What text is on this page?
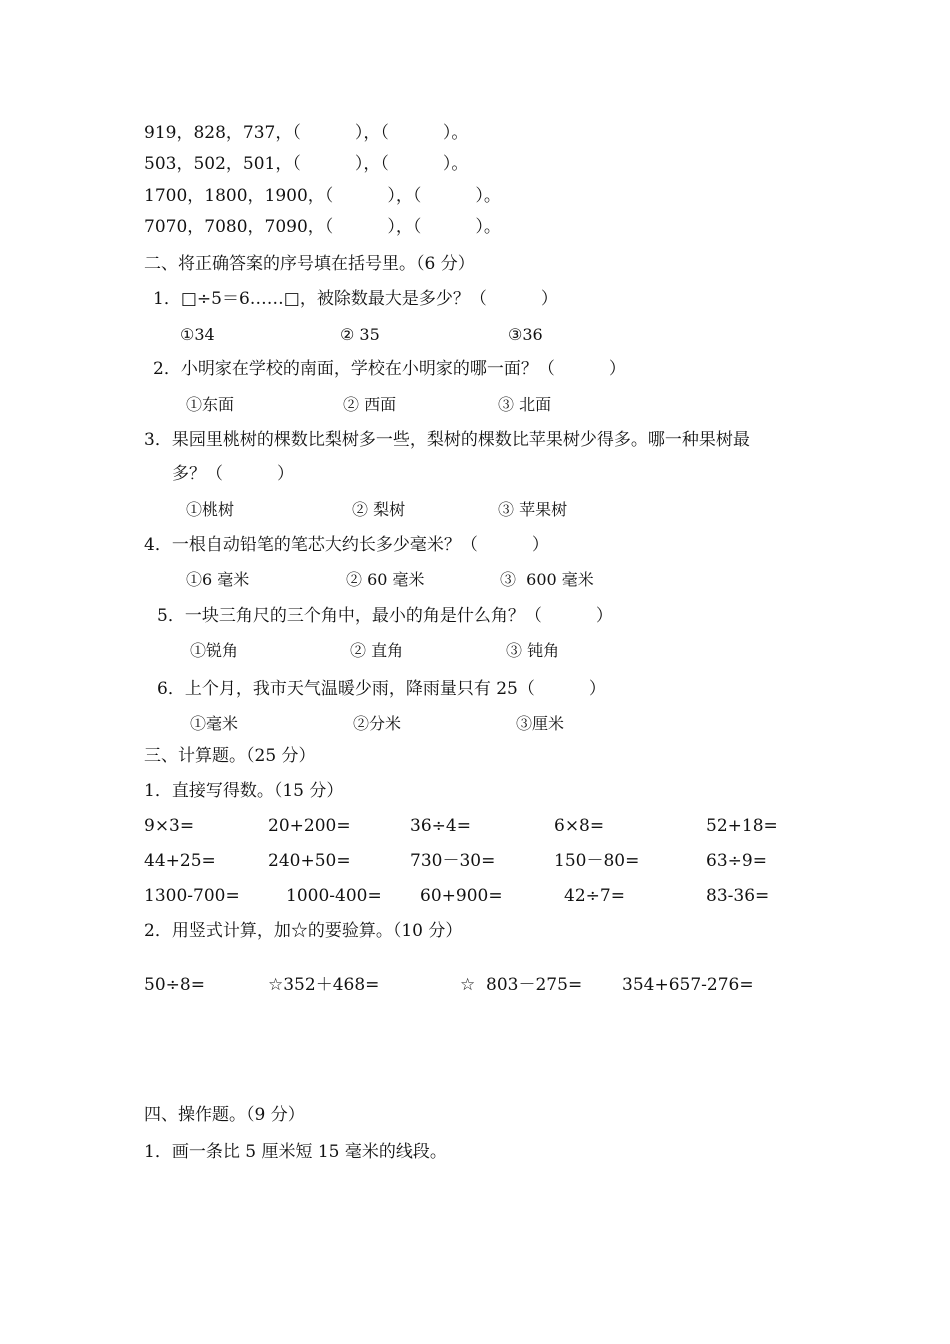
919，828，737，（          ），（          ）。
503，502，501，（          ），（          ）。
1700，1800，1900，（          ），（          ）。
7070，7080，7090，（          ），（          ）。
二、将正确答案的序号填在括号里。（6 分）
1．□÷5＝6……□，被除数最大是多少？（          ）
①34	② 35	③36
2．小明家在学校的南面，学校在小明家的哪一面？（          ）
①东面	② 西面	③ 北面
3．果园里桃树的棵数比梨树多一些，梨树的棵数比苹果树少得多。哪一种果树最
多？（          ）
①桃树	② 梨树	③ 苹果树
4．一根自动铅笔的笔芯大约长多少毫米？（          ）
①6 毫米	② 60 毫米	③  600 毫米
5．一块三角尺的三个角中，最小的角是什么角？（          ）
①锐角	② 直角	③ 钝角
6．上个月，我市天气温暖少雨，降雨量只有 25（          ）
①毫米	②分米	③厘米
三、计算题。（25 分）
1．直接写得数。（15 分）
9×3=	20+200=	36÷4=	6×8=	52+18=
44+25=	240+50=	730－30=	150－80=	63÷9=
1300-700=	1000-400= 60+900=	42÷7=	83-36=
2．用竖式计算，加☆的要验算。（10 分）
50÷8=	☆352＋468=	☆  803－275= 354+657-276=
四、操作题。（9 分）
1．画一条比 5 厘米短 15 毫米的线段。
